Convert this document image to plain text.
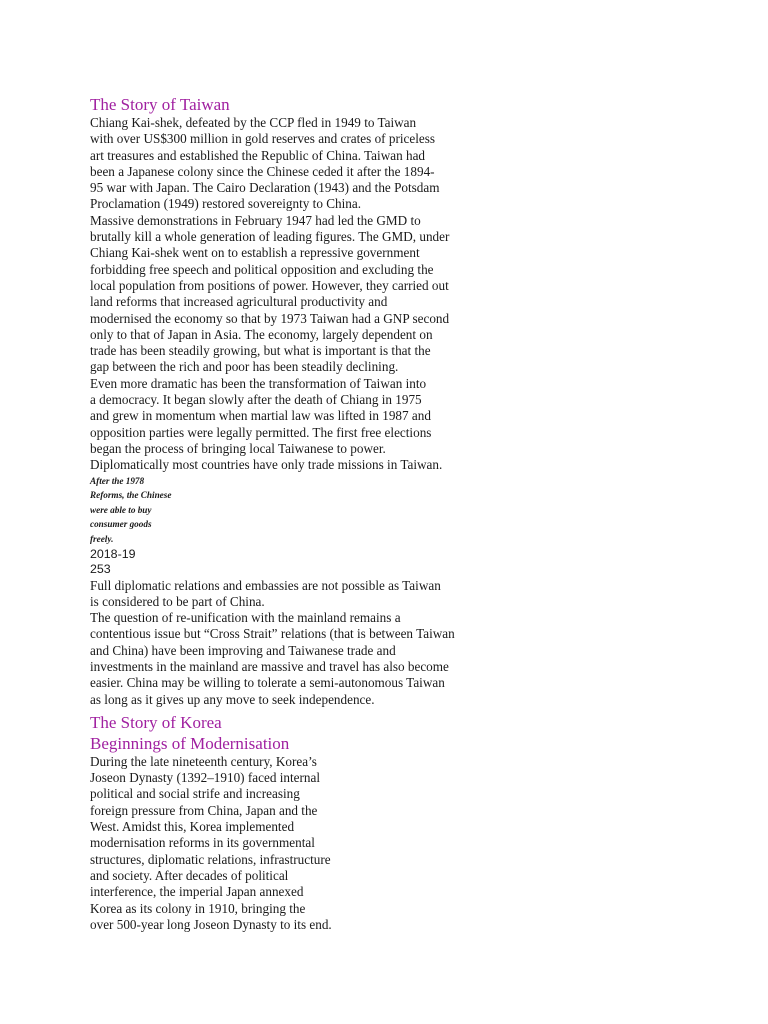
The Story of Taiwan

Chiang Kai-shek, defeated by the CCP fled in 1949 to Taiwan

with over US$300 million in gold reserves and crates of priceless

art treasures and established the Republic of China. Taiwan had

been a Japanese colony since the Chinese ceded it after the 1894-

95 war with Japan. The Cairo Declaration (1943) and the Potsdam

Proclamation (1949) restored sovereignty to China.

Massive demonstrations in February 1947 had led the GMD to

brutally kill a whole generation of leading figures. The GMD, under

Chiang Kai-shek went on to establish a repressive government

forbidding free speech and political opposition and excluding the

local population from positions of power. However, they carried out

land reforms that increased agricultural productivity and

modernised the economy so that by 1973 Taiwan had a GNP second

only to that of Japan in Asia. The economy, largely dependent on

trade has been steadily growing, but what is important is that the

gap between the rich and poor has been steadily declining.

Even more dramatic has been the transformation of Taiwan into

a democracy. It began slowly after the death of Chiang in 1975

and grew in momentum when martial law was lifted in 1987 and

opposition parties were legally permitted. The first free elections

began the process of bringing local Taiwanese to power.

Diplomatically most countries have only trade missions in Taiwan.

After the 1978

Reforms, the Chinese

were able to buy

consumer goods

freely.

2018-19

253

Full diplomatic relations and embassies are not possible as Taiwan

is considered to be part of China.

The question of re-unification with the mainland remains a

contentious issue but “Cross Strait” relations (that is between Taiwan

and China) have been improving and Taiwanese trade and

investments in the mainland are massive and travel has also become

easier. China may be willing to tolerate a semi-autonomous Taiwan

as long as it gives up any move to seek independence.

The Story of Korea
Beginnings of Modernisation

During the late nineteenth century, Korea’s

Joseon Dynasty (1392–1910) faced internal

political and social strife and increasing

foreign pressure from China, Japan and the

West. Amidst this, Korea implemented

modernisation reforms in its governmental

structures, diplomatic relations, infrastructure

and society. After decades of political

interference, the imperial Japan annexed

Korea as its colony in 1910, bringing the

over 500-year long Joseon Dynasty to its end.
